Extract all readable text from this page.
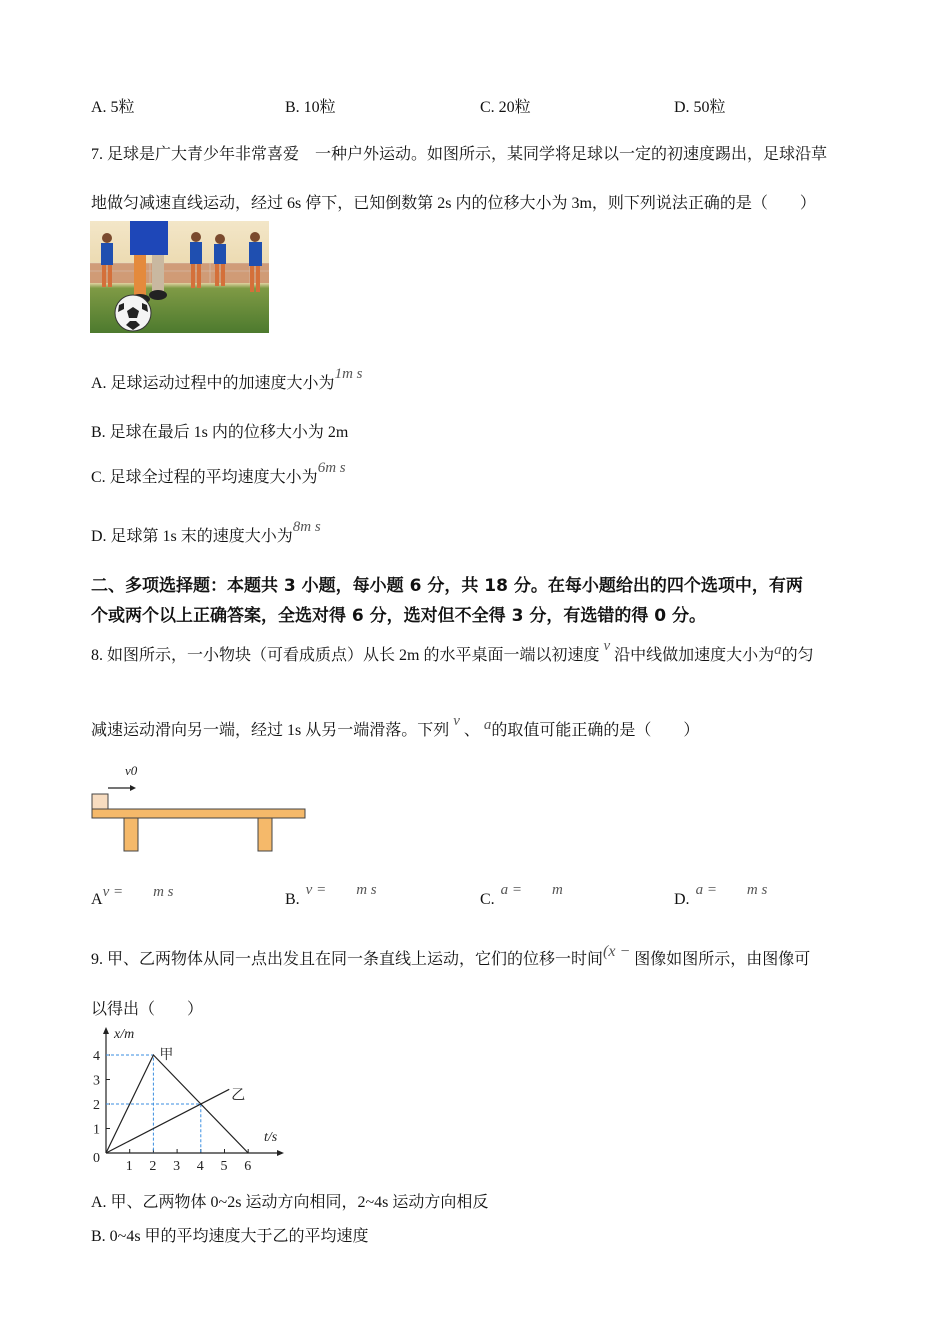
A. 5粒	B. 10粒	C. 20粒	D. 50粒
7. 足球是广大青少年非常喜爱　一种户外运动。如图所示，某同学将足球以一定的初速度踢出，足球沿草
地做匀减速直线运动，经过 6s 停下，已知倒数第 2s 内的位移大小为 3m，则下列说法正确的是（　　）
A. 足球运动过程中的加速度大小为1m s
B. 足球在最后 1s 内的位移大小为 2m
C. 足球全过程的平均速度大小为6m s
D. 足球第 1s 末的速度大小为8m s
二、多项选择题：本题共 3 小题，每小题 6 分，共 18 分。在每小题给出的四个选项中，有两
个或两个以上正确答案，全选对得 6 分，选对但不全得 3 分，有选错的得 0 分。
8. 如图所示，一小物块（可看成质点）从长 2m 的水平桌面一端以初速度 v 沿中线做加速度大小为a的匀
减速运动滑向另一端，经过 1s 从另一端滑落。下列 v 、 a的取值可能正确的是（　　）
v0
Av =　　m s	B.v =　　m s
C.a =　　m
D.a =　　m s
9. 甲、乙两物体从同一点出发且在同一条直线上运动，它们的位移一时间(x − 图像如图所示，由图像可
以得出（　　）
x/m
t/s
0
1 2 3 4 5 6
1
2
3
4	甲
乙
A. 甲、乙两物体 0~2s 运动方向相同，2~4s 运动方向相反
B. 0~4s 甲的平均速度大于乙的平均速度
